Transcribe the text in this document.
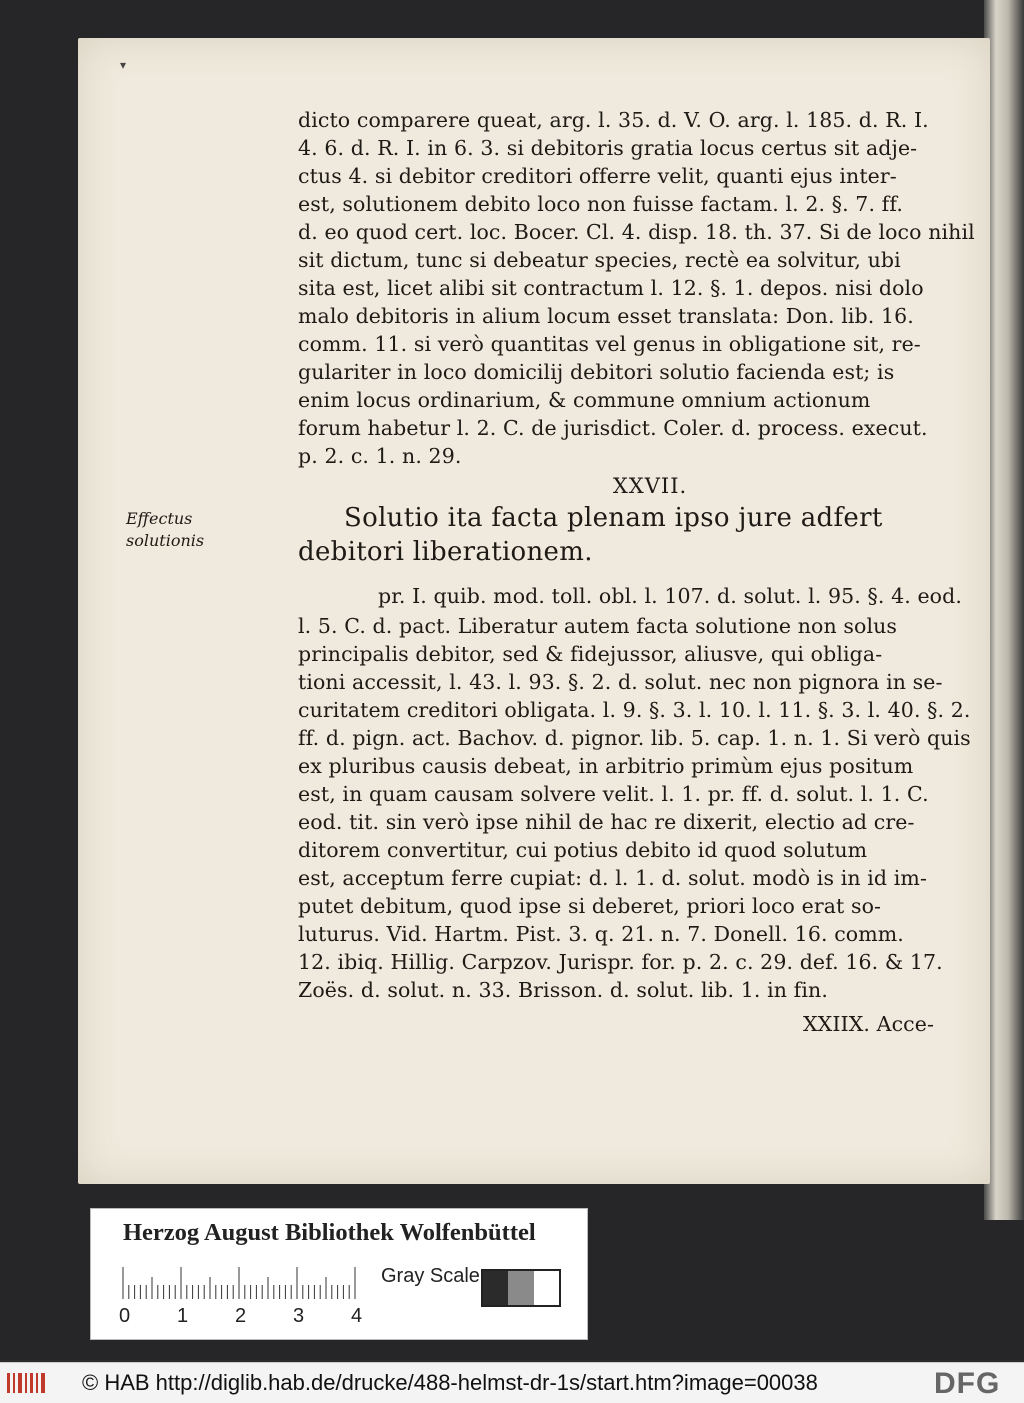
▾
Effectus
solutionis
dicto comparere queat, arg. l. 35. d. V. O. arg. l. 185. d. R. I.
4. 6. d. R. I. in 6. 3. si debitoris gratia locus certus sit adje-
ctus 4. si debitor creditori offerre velit, quanti ejus inter-
est, solutionem debito loco non fuisse factam. l. 2. §. 7. ff.
d. eo quod cert. loc. Bocer. Cl. 4. disp. 18. th. 37. Si de loco nihil
sit dictum, tunc si debeatur species, rectè ea solvitur, ubi
sita est, licet alibi sit contractum l. 12. §. 1. depos. nisi dolo
malo debitoris in alium locum esset translata: Don. lib. 16.
comm. 11. si verò quantitas vel genus in obligatione sit, re-
gulariter in loco domicilij debitori solutio facienda est; is
enim locus ordinarium, & commune omnium actionum
forum habetur l. 2. C. de jurisdict. Coler. d. process. execut.
p. 2. c. 1. n. 29.
XXVII.
Solutio ita facta plenam ipso jure adfert
debitori liberationem.
pr. I. quib. mod. toll. obl. l. 107. d. solut. l. 95. §. 4. eod.
l. 5. C. d. pact. Liberatur autem facta solutione non solus
principalis debitor, sed & fidejussor, aliusve, qui obliga-
tioni accessit, l. 43. l. 93. §. 2. d. solut. nec non pignora in se-
curitatem creditori obligata. l. 9. §. 3. l. 10. l. 11. §. 3. l. 40. §. 2.
ff. d. pign. act. Bachov. d. pignor. lib. 5. cap. 1. n. 1. Si verò quis
ex pluribus causis debeat, in arbitrio primùm ejus positum
est, in quam causam solvere velit. l. 1. pr. ff. d. solut. l. 1. C.
eod. tit. sin verò ipse nihil de hac re dixerit, electio ad cre-
ditorem convertitur, cui potius debito id quod solutum
est, acceptum ferre cupiat: d. l. 1. d. solut. modò is in id im-
putet debitum, quod ipse si deberet, priori loco erat so-
luturus. Vid. Hartm. Pist. 3. q. 21. n. 7. Donell. 16. comm.
12. ibiq. Hillig. Carpzov. Jurispr. for. p. 2. c. 29. def. 16. & 17.
Zoës. d. solut. n. 33. Brisson. d. solut. lib. 1. in fin.
XXIIX. Acce-
Herzog August Bibliothek Wolfenbüttel
0 1 2 3 4
Gray Scale
© HAB http://diglib.hab.de/drucke/488-helmst-dr-1s/start.htm?image=00038	DFG
